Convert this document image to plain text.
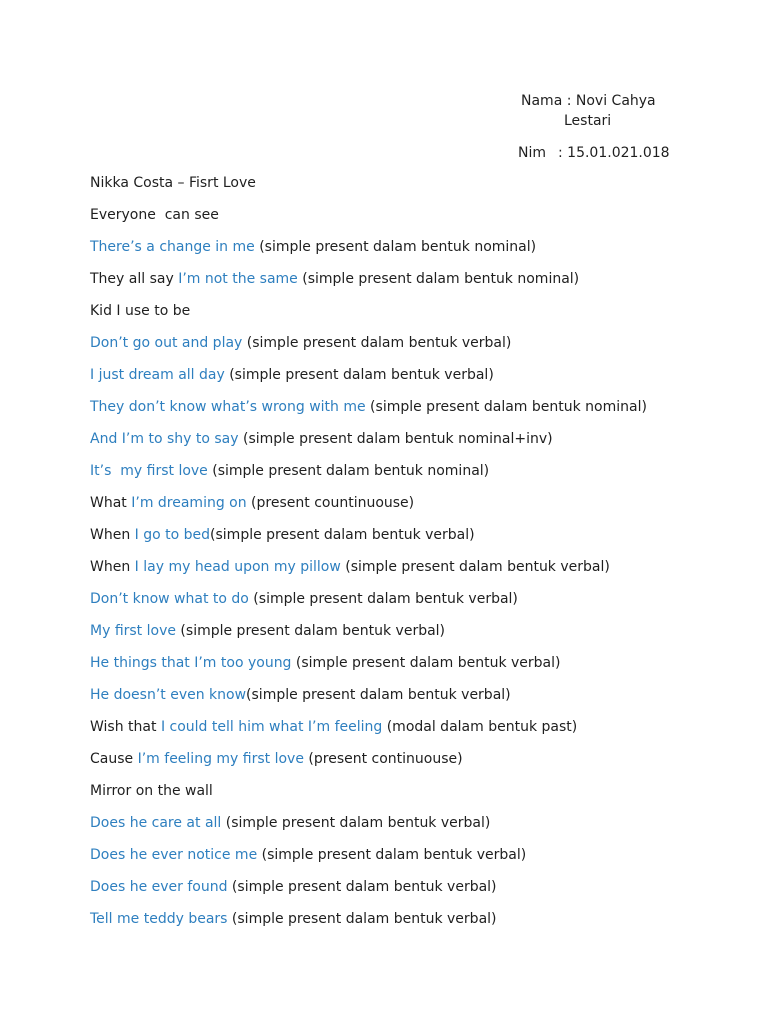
Nama : Novi Cahya
Lestari
Nim : 15.01.021.018
Nikka Costa – Fisrt Love
Everyone  can see
There’s a change in me (simple present dalam bentuk nominal)
They all say I’m not the same (simple present dalam bentuk nominal)
Kid I use to be
Don’t go out and play (simple present dalam bentuk verbal)
I just dream all day (simple present dalam bentuk verbal)
They don’t know what’s wrong with me (simple present dalam bentuk nominal)
And I’m to shy to say (simple present dalam bentuk nominal+inv)
It’s  my first love (simple present dalam bentuk nominal)
What I’m dreaming on (present countinuouse)
When I go to bed(simple present dalam bentuk verbal)
When I lay my head upon my pillow (simple present dalam bentuk verbal)
Don’t know what to do (simple present dalam bentuk verbal)
My first love (simple present dalam bentuk verbal)
He things that I’m too young (simple present dalam bentuk verbal)
He doesn’t even know(simple present dalam bentuk verbal)
Wish that I could tell him what I’m feeling (modal dalam bentuk past)
Cause I’m feeling my first love (present continuouse)
Mirror on the wall
Does he care at all (simple present dalam bentuk verbal)
Does he ever notice me (simple present dalam bentuk verbal)
Does he ever found (simple present dalam bentuk verbal)
Tell me teddy bears (simple present dalam bentuk verbal)
